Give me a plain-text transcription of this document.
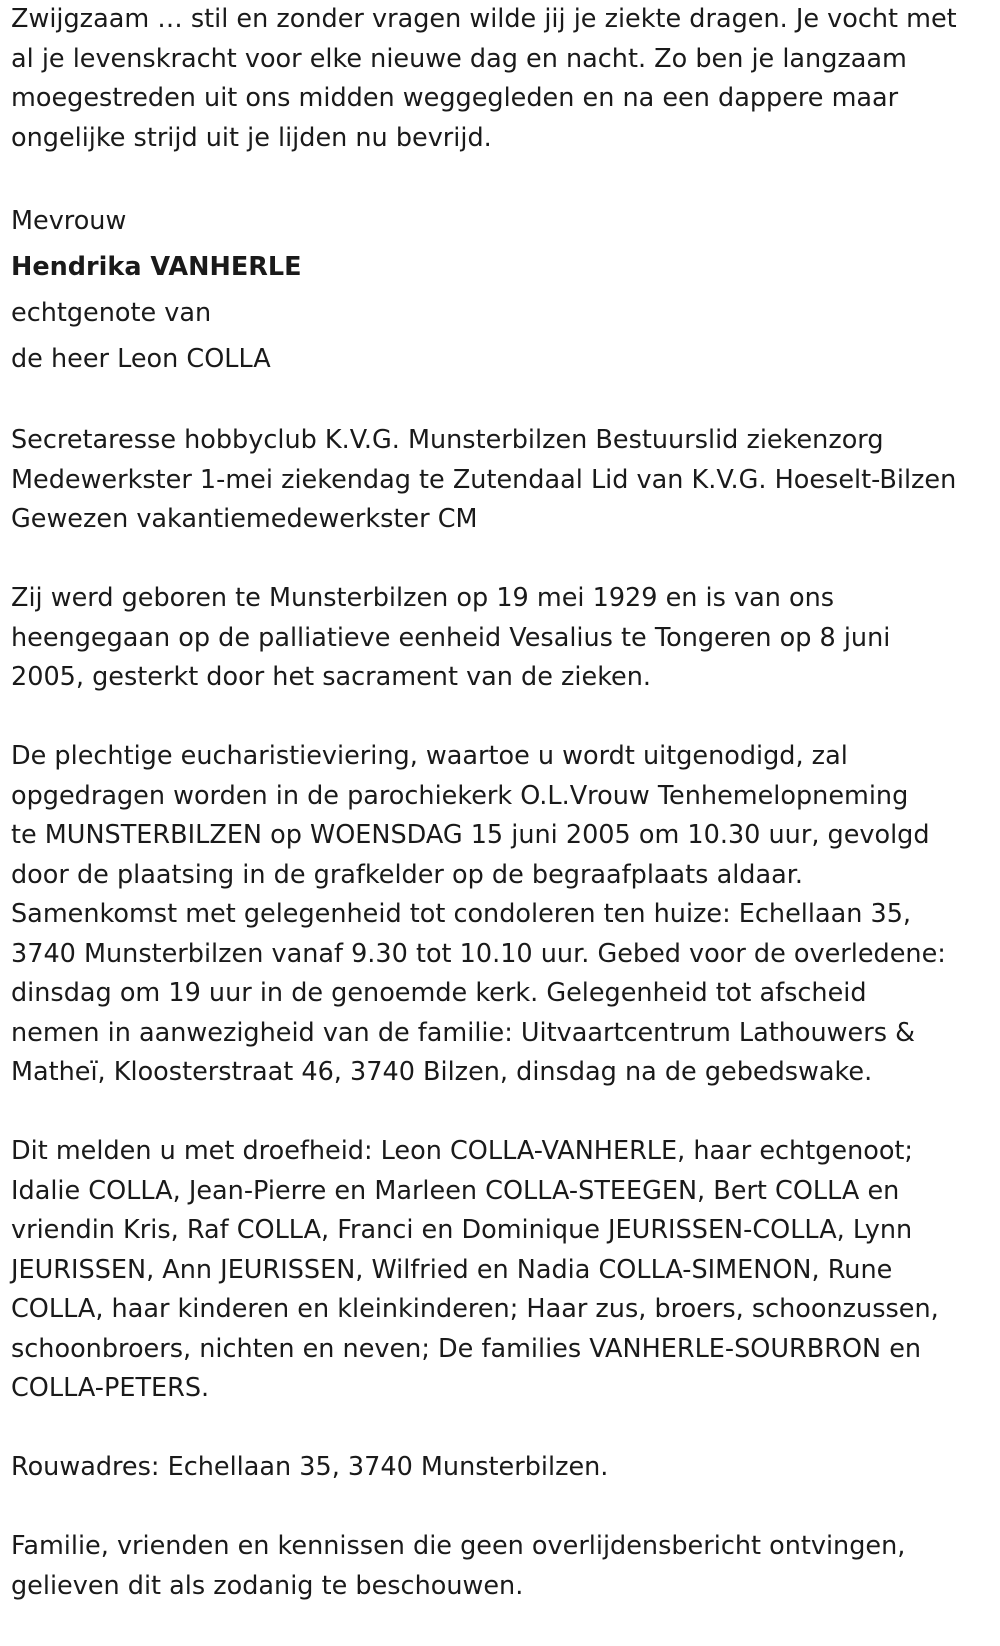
Zwijgzaam … stil en zonder vragen wilde jij je ziekte dragen. Je vocht met
al je levenskracht voor elke nieuwe dag en nacht. Zo ben je langzaam
moegestreden uit ons midden weggegleden en na een dappere maar
ongelijke strijd uit je lijden nu bevrijd.

Mevrouw

Hendrika VANHERLE

echtgenote van

de heer Leon COLLA

Secretaresse hobbyclub K.V.G. Munsterbilzen Bestuurslid ziekenzorg
Medewerkster 1-mei ziekendag te Zutendaal Lid van K.V.G. Hoeselt-Bilzen
Gewezen vakantiemedewerkster CM

Zij werd geboren te Munsterbilzen op 19 mei 1929 en is van ons
heengegaan op de palliatieve eenheid Vesalius te Tongeren op 8 juni
2005, gesterkt door het sacrament van de zieken.

De plechtige eucharistieviering, waartoe u wordt uitgenodigd, zal
opgedragen worden in de parochiekerk O.L.Vrouw Tenhemelopneming
te MUNSTERBILZEN op WOENSDAG 15 juni 2005 om 10.30 uur, gevolgd
door de plaatsing in de grafkelder op de begraafplaats aldaar.
Samenkomst met gelegenheid tot condoleren ten huize: Echellaan 35,
3740 Munsterbilzen vanaf 9.30 tot 10.10 uur. Gebed voor de overledene:
dinsdag om 19 uur in de genoemde kerk. Gelegenheid tot afscheid
nemen in aanwezigheid van de familie: Uitvaartcentrum Lathouwers &
Matheï, Kloosterstraat 46, 3740 Bilzen, dinsdag na de gebedswake.

Dit melden u met droefheid: Leon COLLA-VANHERLE, haar echtgenoot;
Idalie COLLA, Jean-Pierre en Marleen COLLA-STEEGEN, Bert COLLA en
vriendin Kris, Raf COLLA, Franci en Dominique JEURISSEN-COLLA, Lynn
JEURISSEN, Ann JEURISSEN, Wilfried en Nadia COLLA-SIMENON, Rune
COLLA, haar kinderen en kleinkinderen; Haar zus, broers, schoonzussen,
schoonbroers, nichten en neven; De families VANHERLE-SOURBRON en
COLLA-PETERS.

Rouwadres: Echellaan 35, 3740 Munsterbilzen.

Familie, vrienden en kennissen die geen overlijdensbericht ontvingen,
gelieven dit als zodanig te beschouwen.
